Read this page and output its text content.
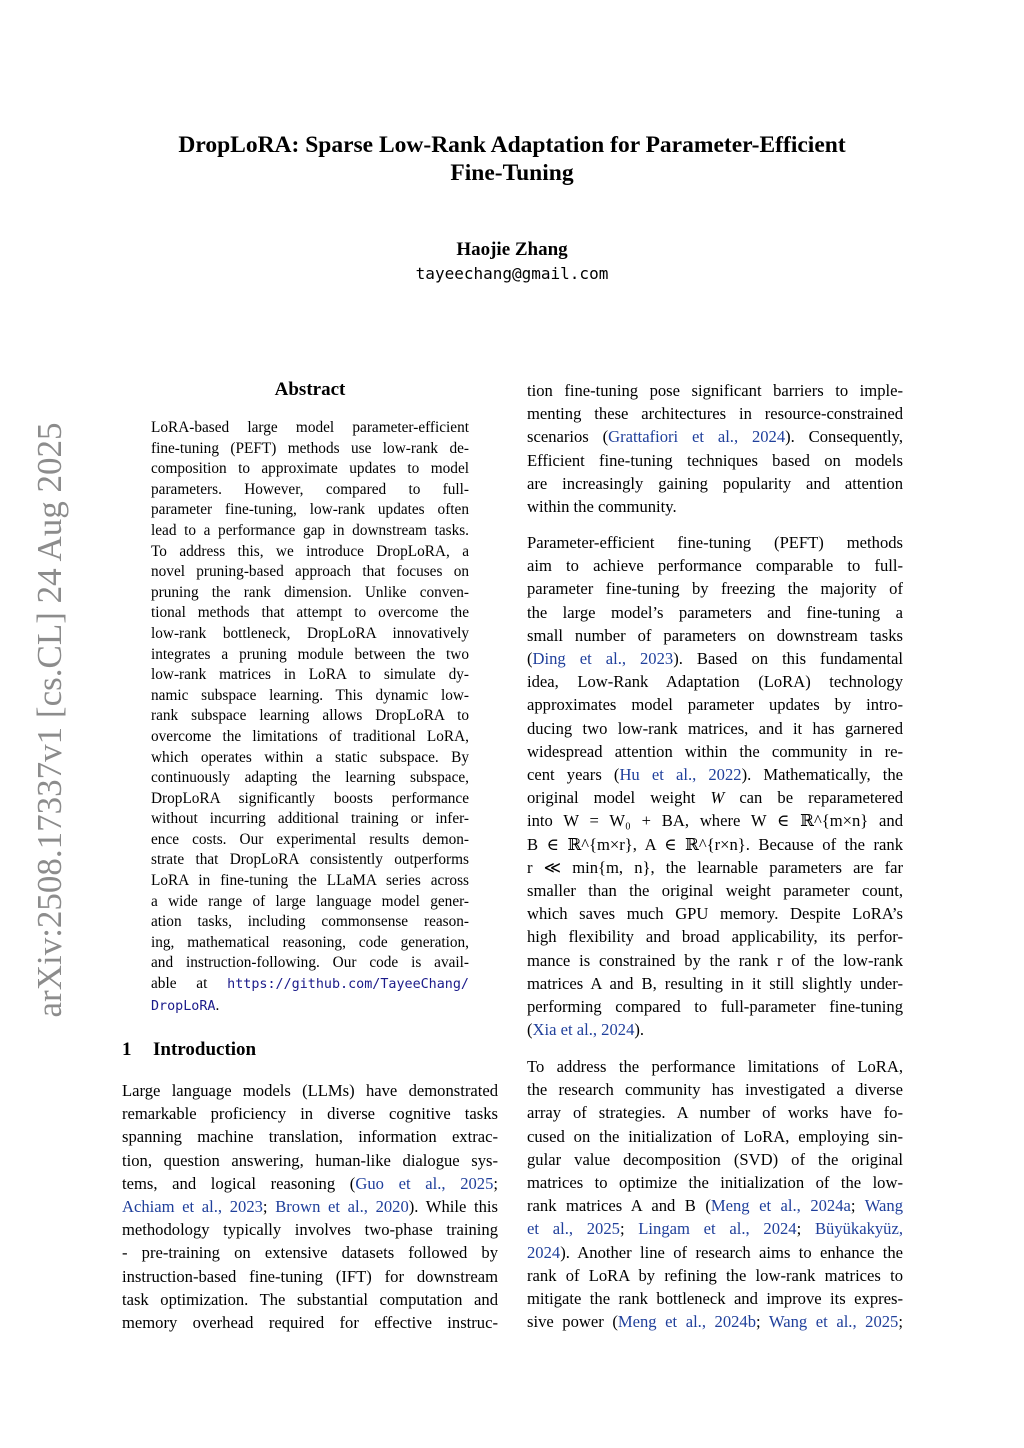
DropLoRA: Sparse Low-Rank Adaptation for Parameter-Efficient
Fine-Tuning
Haojie Zhang
tayeechang@gmail.com
arXiv:2508.17337v1 [cs.CL] 24 Aug 2025
Abstract
LoRA-based large model parameter-efficient
fine-tuning (PEFT) methods use low-rank de-
composition to approximate updates to model
parameters. However, compared to full-
parameter fine-tuning, low-rank updates often
lead to a performance gap in downstream tasks.
To address this, we introduce DropLoRA, a
novel pruning-based approach that focuses on
pruning the rank dimension. Unlike conven-
tional methods that attempt to overcome the
low-rank bottleneck, DropLoRA innovatively
integrates a pruning module between the two
low-rank matrices in LoRA to simulate dy-
namic subspace learning. This dynamic low-
rank subspace learning allows DropLoRA to
overcome the limitations of traditional LoRA,
which operates within a static subspace. By
continuously adapting the learning subspace,
DropLoRA significantly boosts performance
without incurring additional training or infer-
ence costs. Our experimental results demon-
strate that DropLoRA consistently outperforms
LoRA in fine-tuning the LLaMA series across
a wide range of large language model gener-
ation tasks, including commonsense reason-
ing, mathematical reasoning, code generation,
and instruction-following. Our code is avail-
able at https://github.com/TayeeChang/
DropLoRA.
1 Introduction
Large language models (LLMs) have demonstrated
remarkable proficiency in diverse cognitive tasks
spanning machine translation, information extrac-
tion, question answering, human-like dialogue sys-
tems, and logical reasoning (Guo et al., 2025;
Achiam et al., 2023; Brown et al., 2020). While this
methodology typically involves two-phase training
- pre-training on extensive datasets followed by
instruction-based fine-tuning (IFT) for downstream
task optimization. The substantial computation and
memory overhead required for effective instruc-
tion fine-tuning pose significant barriers to imple-
menting these architectures in resource-constrained
scenarios (Grattafiori et al., 2024). Consequently,
Efficient fine-tuning techniques based on models
are increasingly gaining popularity and attention
within the community.
Parameter-efficient fine-tuning (PEFT) methods
aim to achieve performance comparable to full-
parameter fine-tuning by freezing the majority of
the large model’s parameters and fine-tuning a
small number of parameters on downstream tasks
(Ding et al., 2023). Based on this fundamental
idea, Low-Rank Adaptation (LoRA) technology
approximates model parameter updates by intro-
ducing two low-rank matrices, and it has garnered
widespread attention within the community in re-
cent years (Hu et al., 2022). Mathematically, the
original model weight W can be reparametered
into W = W₀ + BA, where W ∈ ℝ^{m×n} and
B ∈ ℝ^{m×r}, A ∈ ℝ^{r×n}. Because of the rank
r ≪ min{m, n}, the learnable parameters are far
smaller than the original weight parameter count,
which saves much GPU memory. Despite LoRA’s
high flexibility and broad applicability, its perfor-
mance is constrained by the rank r of the low-rank
matrices A and B, resulting in it still slightly under-
performing compared to full-parameter fine-tuning
(Xia et al., 2024).
To address the performance limitations of LoRA,
the research community has investigated a diverse
array of strategies. A number of works have fo-
cused on the initialization of LoRA, employing sin-
gular value decomposition (SVD) of the original
matrices to optimize the initialization of the low-
rank matrices A and B (Meng et al., 2024a; Wang
et al., 2025; Lingam et al., 2024; Büyükakyüz,
2024). Another line of research aims to enhance the
rank of LoRA by refining the low-rank matrices to
mitigate the rank bottleneck and improve its expres-
sive power (Meng et al., 2024b; Wang et al., 2025;
